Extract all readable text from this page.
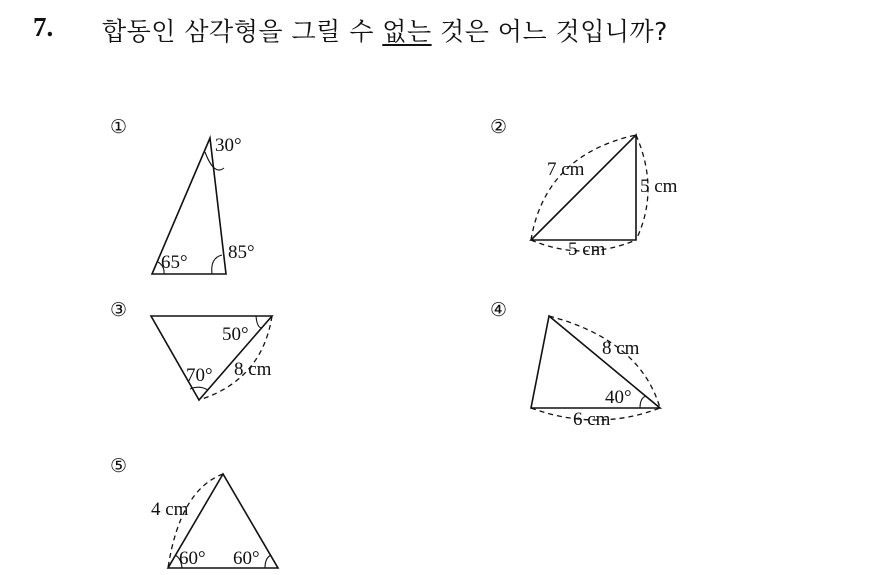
7. 합동인 삼각형을 그릴 수 없는 것은 어느 것입니까?
①
30°
65° 85°
②
7 cm
5 cm
5 cm
③
50°
70° 8 cm
④
8 cm
40°
6 cm
⑤
4 cm
60° 60°
